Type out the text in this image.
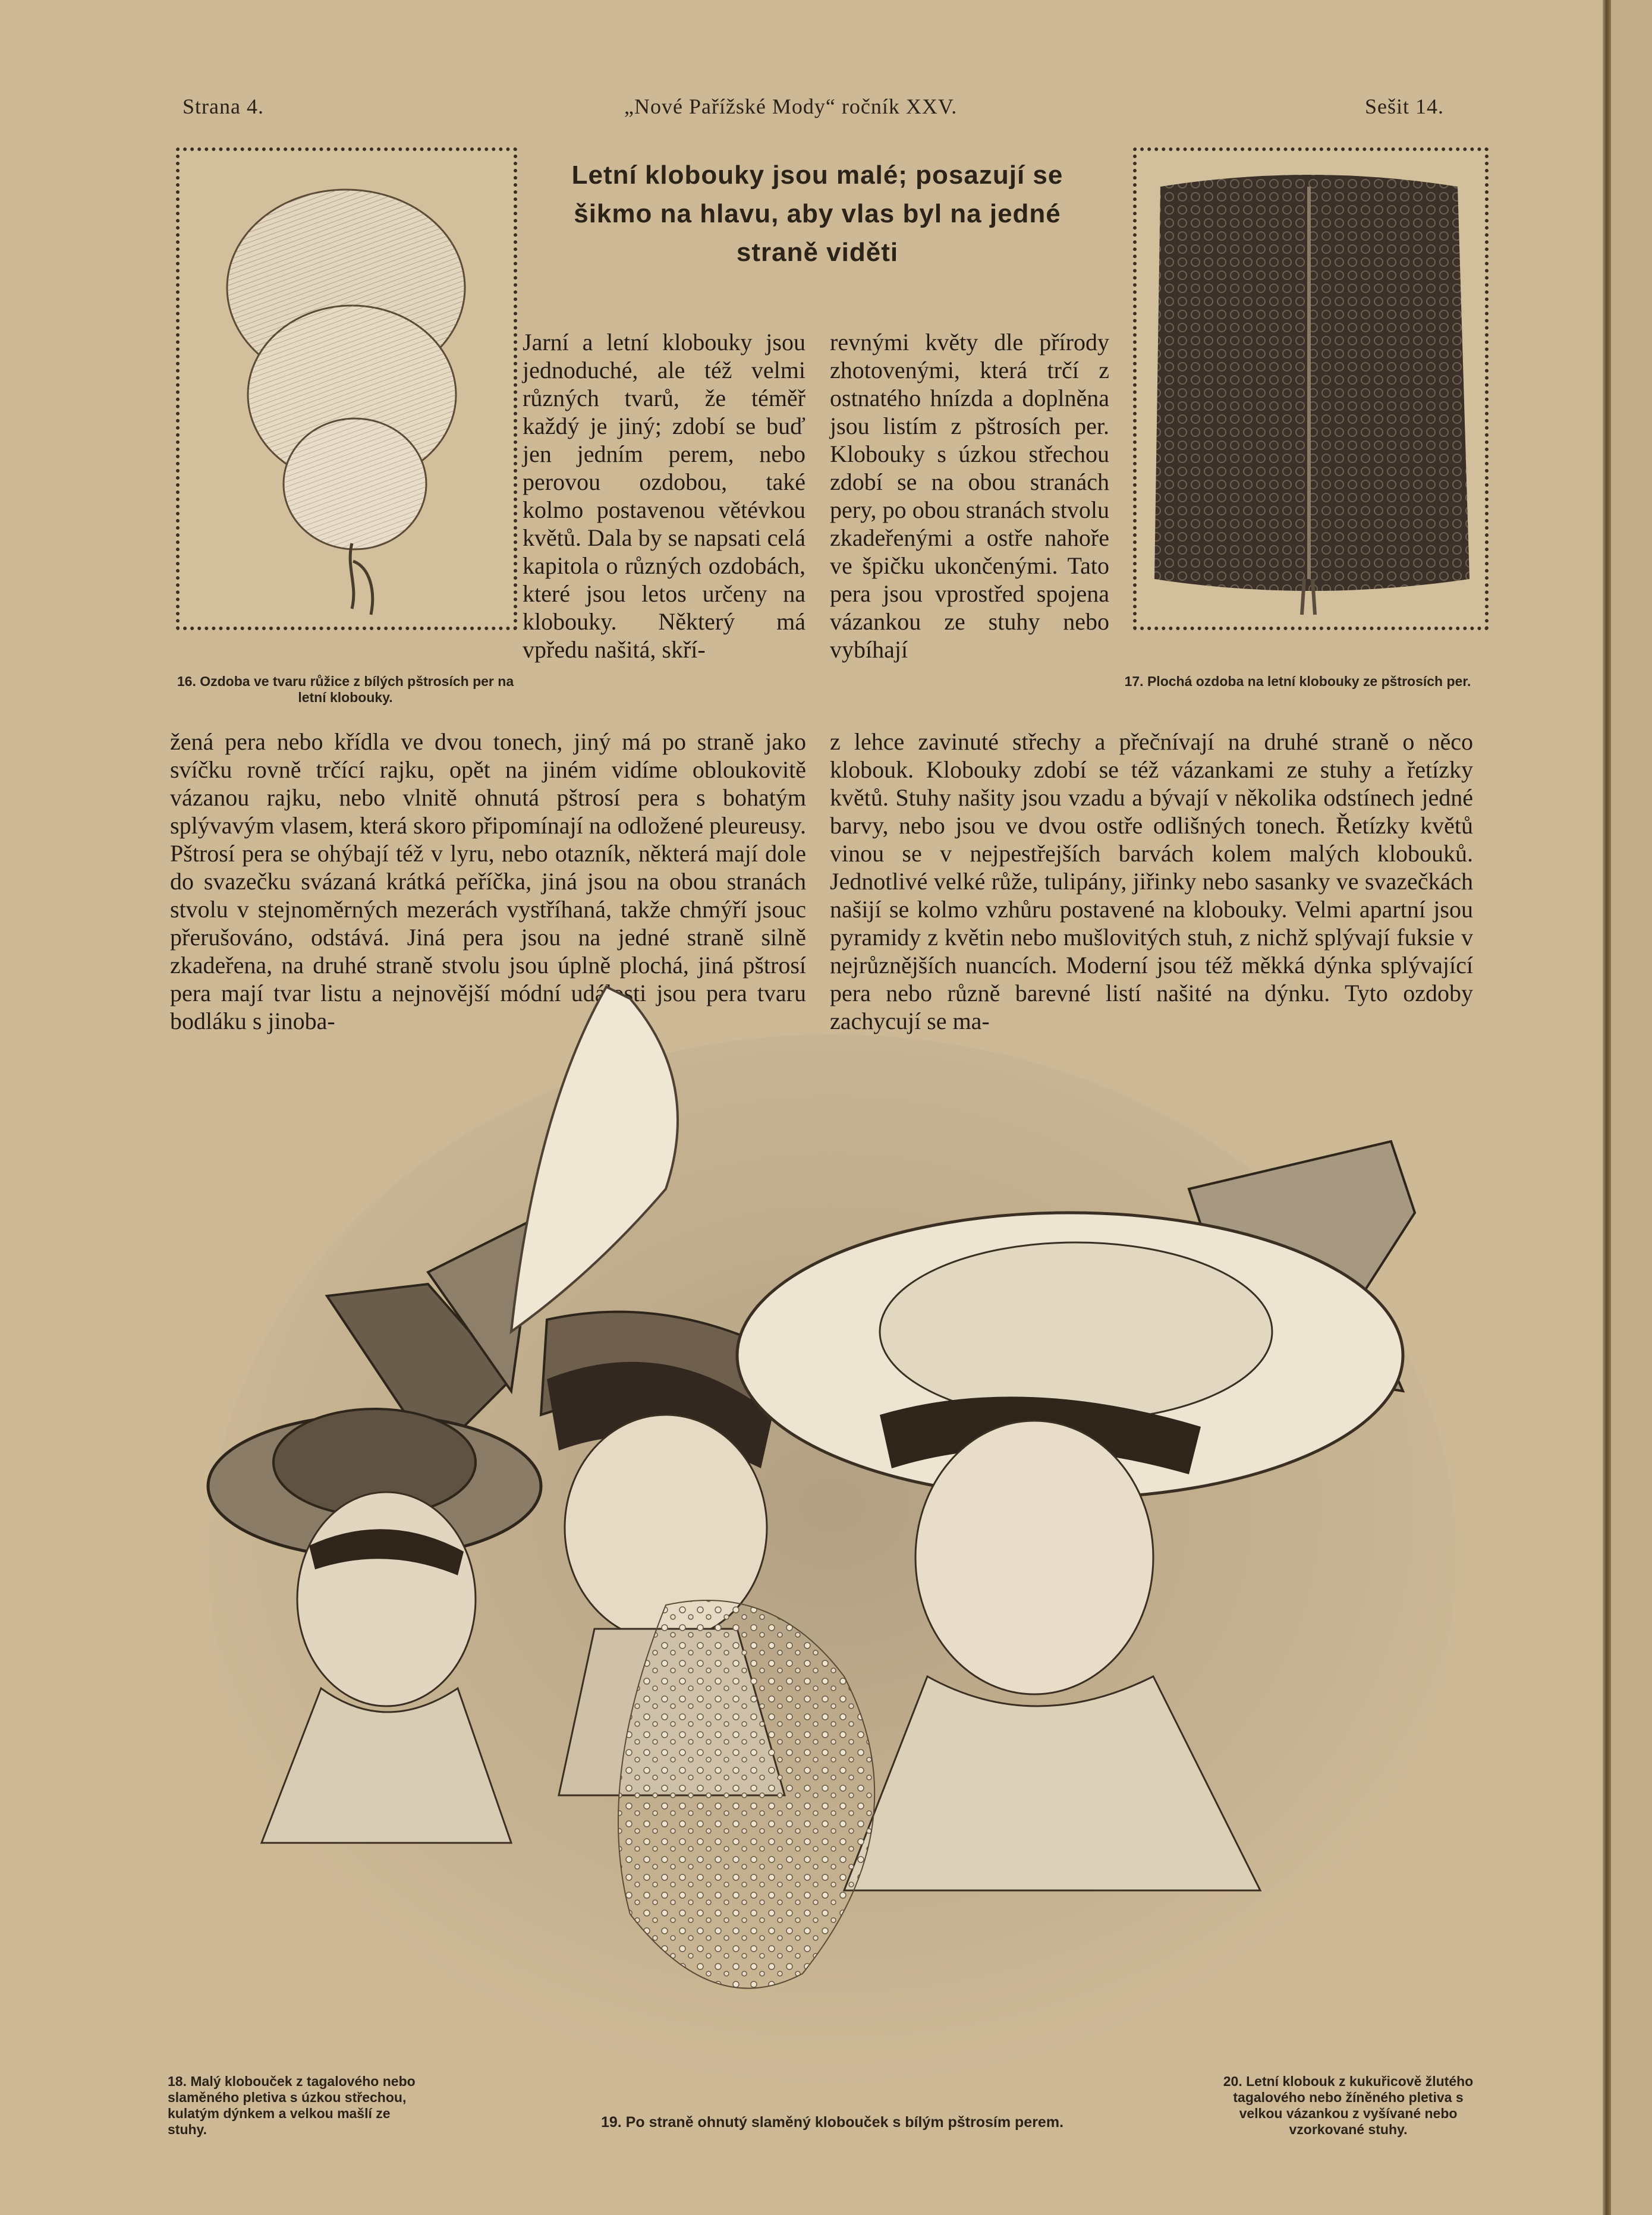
Strana 4.	„Nové Pařížské Mody“ ročník XXV.	Sešit 14.
16. Ozdoba ve tvaru růžice z bílých pštrosích per na letní klobouky.
Letní klobouky jsou malé; posazují se šikmo na hlavu, aby vlas byl na jedné straně viděti
17. Plochá ozdoba na letní klobouky ze pštrosích per.
Jarní a letní klobouky jsou jednoduché, ale též velmi různých tvarů, že téměř každý je jiný; zdobí se buď jen jedním perem, nebo perovou ozdobou, také kolmo postavenou větévkou květů. Dala by se napsati celá kapitola o různých ozdobách, které jsou letos určeny na klobouky. Některý má vpředu našitá, skří-
revnými květy dle přírody zhotovenými, která trčí z ostnatého hnízda a doplněna jsou listím z pštrosích per. Klobouky s úzkou střechou zdobí se na obou stranách pery, po obou stranách stvolu zkadeřenými a ostře nahoře ve špičku ukončenými. Tato pera jsou vprostřed spojena vázankou ze stuhy nebo vybíhají
žená pera nebo křídla ve dvou tonech, jiný má po straně jako svíčku rovně trčící rajku, opět na jiném vidíme obloukovitě vázanou rajku, nebo vlnitě ohnutá pštrosí pera s bohatým splývavým vlasem, která skoro připomínají na odložené pleureusy. Pštrosí pera se ohýbají též v lyru, nebo otazník, některá mají dole do svazečku svázaná krátká peříčka, jiná jsou na obou stranách stvolu v stejnoměrných mezerách vystříhaná, takže chmýří jsouc přerušováno, odstává. Jiná pera jsou na jedné straně silně zkadeřena, na druhé straně stvolu jsou úplně plochá, jiná pštrosí pera mají tvar listu a nejnovější módní události jsou pera tvaru bodláku s jinoba-
z lehce zavinuté střechy a přečnívají na druhé straně o něco klobouk. Klobouky zdobí se též vázankami ze stuhy a řetízky květů. Stuhy našity jsou vzadu a bývají v několika odstínech jedné barvy, nebo jsou ve dvou ostře odlišných tonech. Řetízky květů vinou se v nejpestřejších barvách kolem malých klobouků. Jednotlivé velké růže, tulipány, jiřinky nebo sasanky ve svazečkách našijí se kolmo vzhůru postavené na klobouky. Velmi apartní jsou pyramidy z květin nebo mušlovitých stuh, z nichž splývají fuksie v nejrůznějších nuancích. Moderní jsou též měkká dýnka splývající pera nebo různě barevné listí našité na dýnku. Tyto ozdoby zachycují se ma-
18. Malý klobouček z tagalového nebo slaměného pletiva s úzkou střechou, kulatým dýnkem a velkou mašlí ze stuhy.	19. Po straně ohnutý slaměný klobouček s bílým pštrosím perem.
20. Letní klobouk z kukuřicově žlutého tagalového nebo žíněného pletiva s velkou vázankou z vyšívané nebo vzorkované stuhy.
